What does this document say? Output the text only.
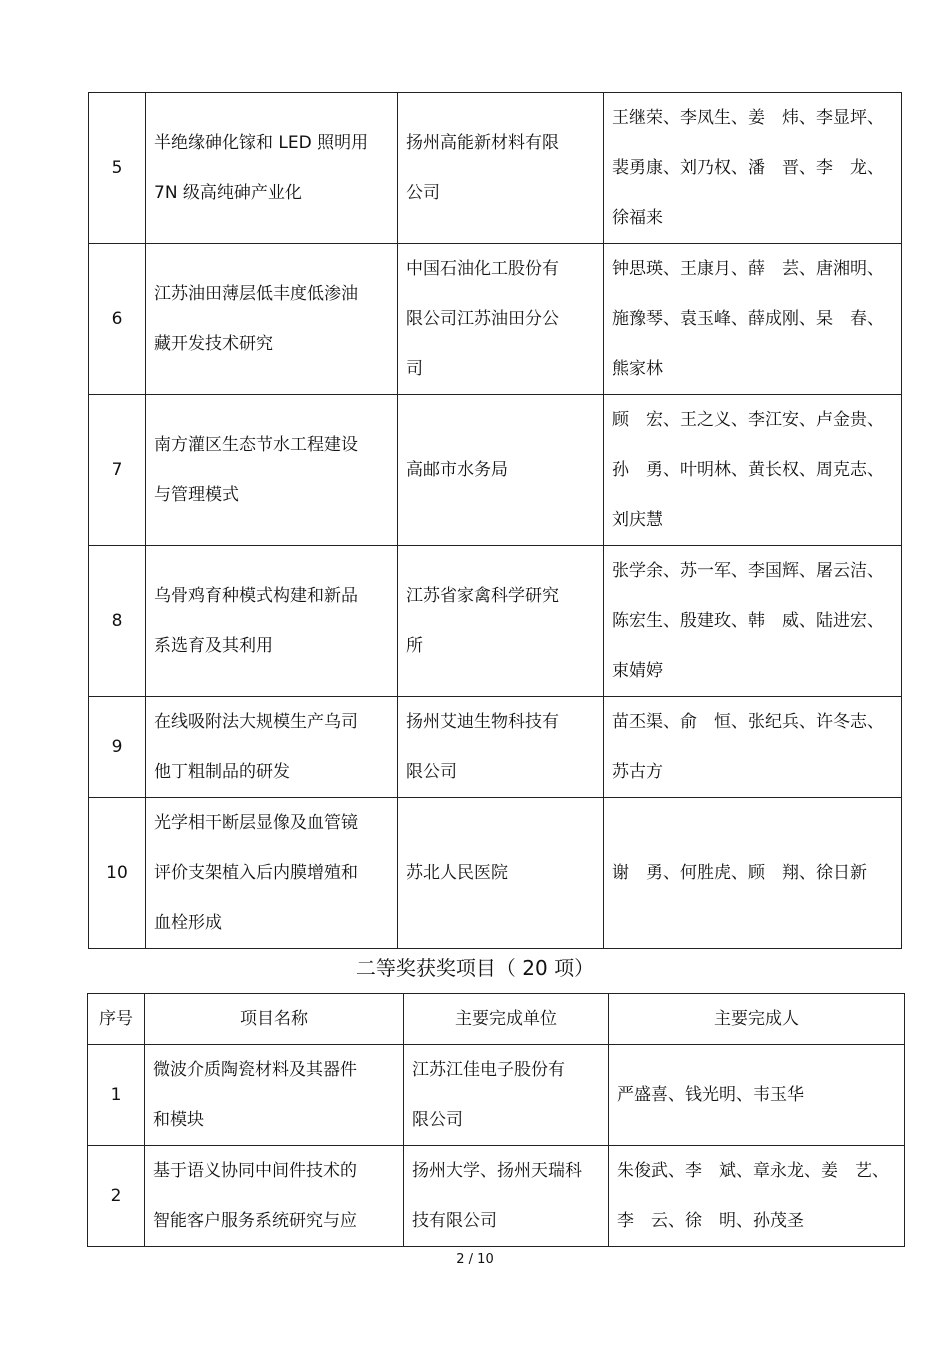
5	半绝缘砷化镓和 LED 照明用
7N 级高纯砷产业化	扬州高能新材料有限
公司	王继荣、李凤生、姜　炜、李显坪、
裴勇康、刘乃权、潘　晋、李　龙、
徐福来

6	江苏油田薄层低丰度低渗油
藏开发技术研究	中国石油化工股份有
限公司江苏油田分公
司	钟思瑛、王康月、薛　芸、唐湘明、
施豫琴、袁玉峰、薛成刚、杲　春、
熊家林

7	南方灌区生态节水工程建设
与管理模式	高邮市水务局	顾　宏、王之义、李江安、卢金贵、
孙　勇、叶明林、黄长权、周克志、
刘庆慧

8	乌骨鸡育种模式构建和新品
系选育及其利用	江苏省家禽科学研究
所	张学余、苏一军、李国辉、屠云洁、
陈宏生、殷建玫、韩　威、陆进宏、
束婧婷

9	在线吸附法大规模生产乌司
他丁粗制品的研发	扬州艾迪生物科技有
限公司	苗丕渠、俞　恒、张纪兵、许冬志、
苏古方

10	光学相干断层显像及血管镜
评价支架植入后内膜增殖和
血栓形成	苏北人民医院	谢　勇、何胜虎、顾　翔、徐日新
二等奖获奖项目（ 20 项）
序号	项目名称	主要完成单位	主要完成人
1	微波介质陶瓷材料及其器件
和模块	江苏江佳电子股份有
限公司	严盛喜、钱光明、韦玉华

2	基于语义协同中间件技术的
智能客户服务系统研究与应	扬州大学、扬州天瑞科
技有限公司	朱俊武、李　斌、章永龙、姜　艺、
李　云、徐　明、孙茂圣
2 / 10
